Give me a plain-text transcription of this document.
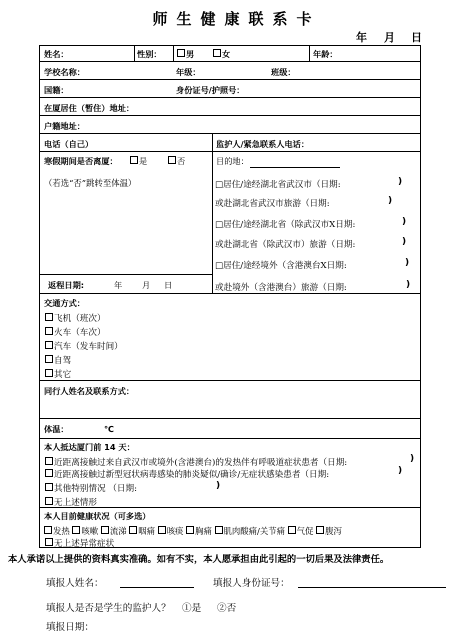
师生健康联系卡
年 月 日
姓名：	性别：	男	女	年龄：
学校名称：	年级：	班级：
国籍：	身份证号/护照号：
在厦居住（暂住）地址：
户籍地址：
电话（自己）	监护人/紧急联系人电话：
寒假期间是否离厦：	是	否
（若选“否”跳转至体温）
返程日期:	年 月 日
目的地：
□居住/途经湖北省武汉市（日期:	)
或赴湖北省武汉市旅游（日期:	)
□居住/途经湖北省（除武汉市X日期:	)
或赴湖北省（除武汉市）旅游（日期:	)
□居住/途经境外（含港澳台X日期:	)
或赴境外（含港澳台）旅游（日期:	)
交通方式：
飞机（班次）
火车（车次）
汽车（发车时间）
自驾
其它
同行人姓名及联系方式：
体温：	℃
本人抵达厦门前 14 天：
近距离接触过来自武汉市或境外(含港澳台)的发热伴有呼吸道症状患者（日期:	)
近距离接触过新型冠状病毒感染的肺炎疑似/确诊/无症状感染患者（日期:	)
其他特别情况 （日期:	)
无上述情形
本人目前健康状况（可多选）
发热 咳嗽 流涕 咽痛 咳痰 胸痛 肌肉酸痛/关节痛 气促 腹泻
无上述异常症状
本人承诺以上提供的资料真实准确。如有不实，本人愿承担由此引起的一切后果及法律责任。
填报人姓名：	填报人身份证号：
填报人是否是学生的监护人？ ①是 ②否
填报日期：
